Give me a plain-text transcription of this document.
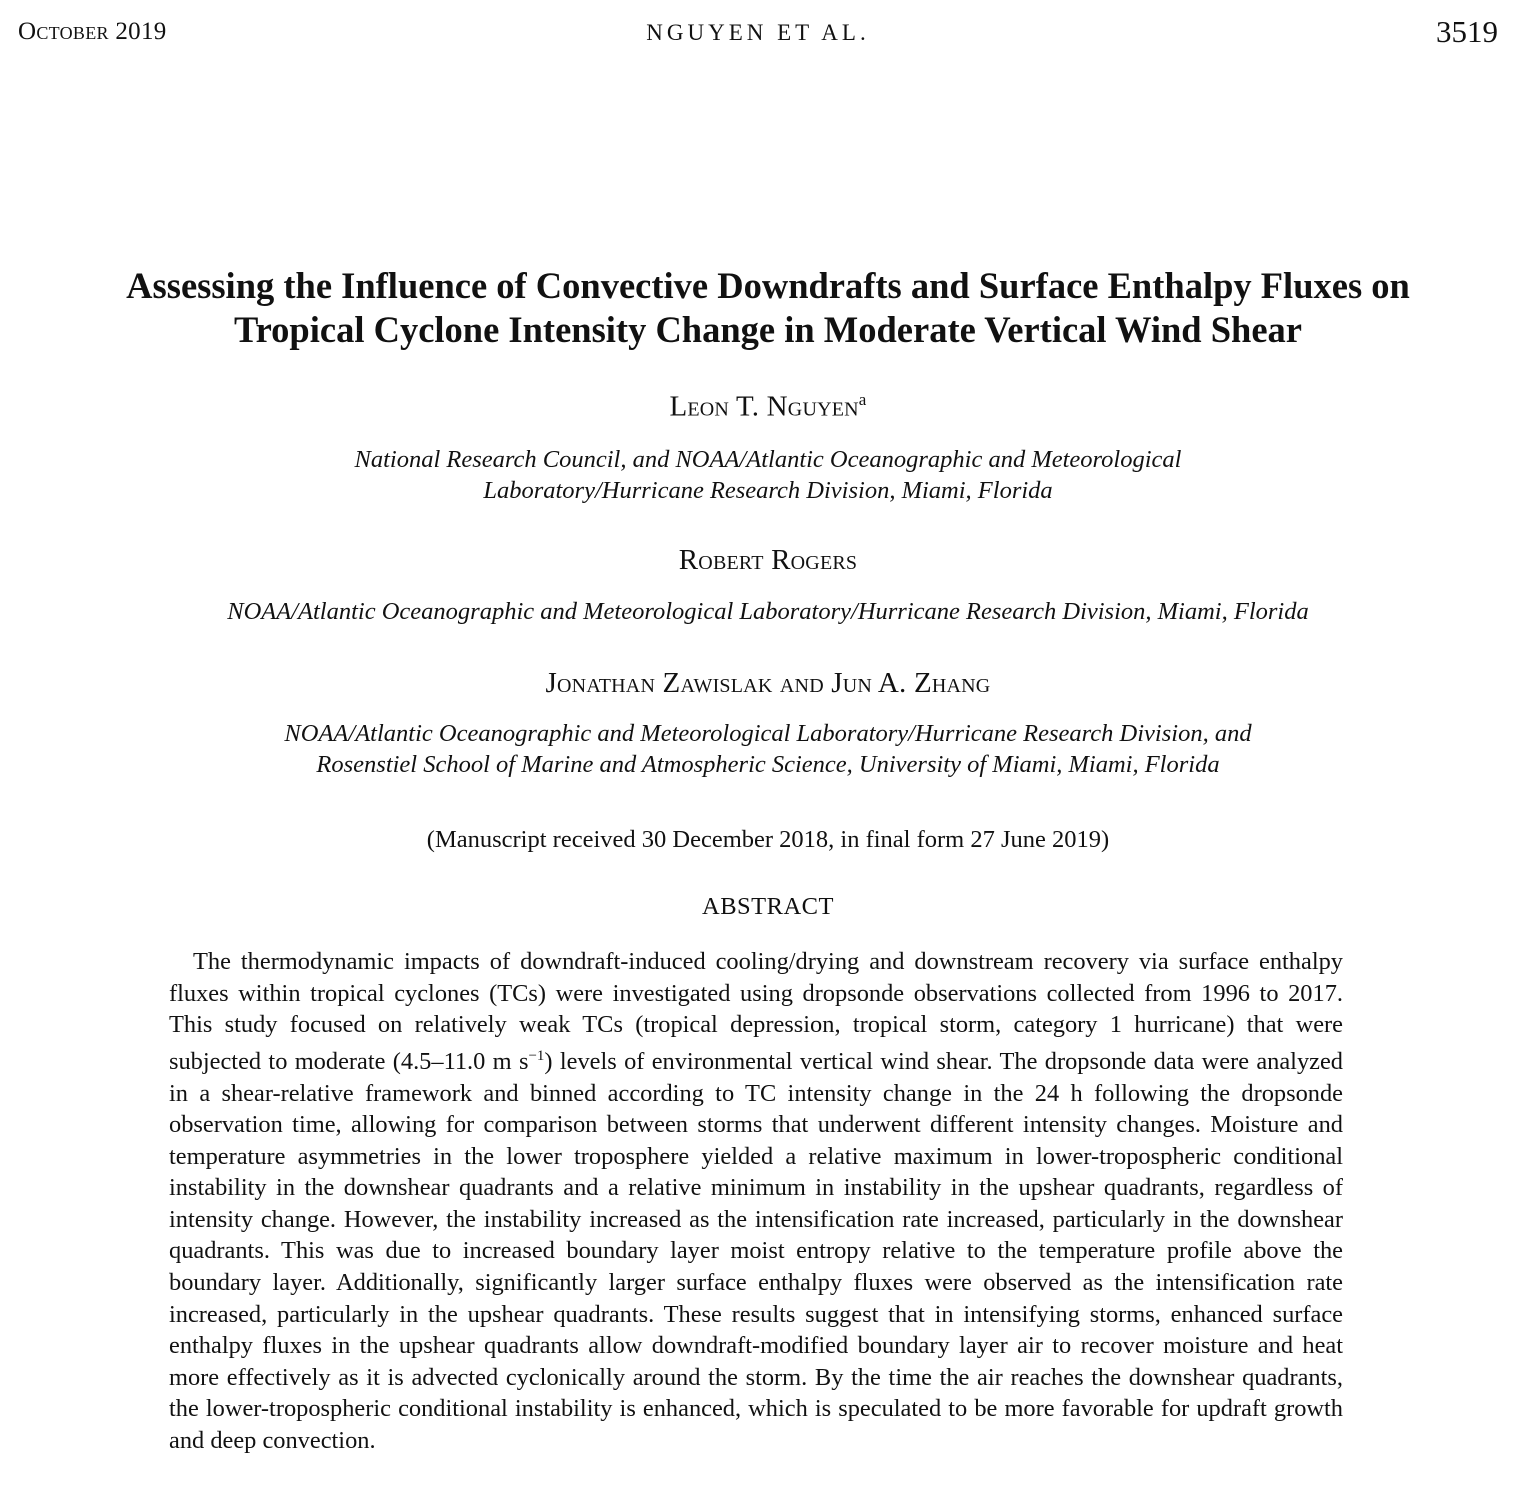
October 2019	NGUYEN ET AL.	3519
Assessing the Influence of Convective Downdrafts and Surface Enthalpy Fluxes on
Tropical Cyclone Intensity Change in Moderate Vertical Wind Shear
Leon T. Nguyen$^a$
National Research Council, and NOAA/Atlantic Oceanographic and Meteorological
Laboratory/Hurricane Research Division, Miami, Florida
Robert Rogers
NOAA/Atlantic Oceanographic and Meteorological Laboratory/Hurricane Research Division, Miami, Florida
Jonathan Zawislak and Jun A. Zhang
NOAA/Atlantic Oceanographic and Meteorological Laboratory/Hurricane Research Division, and
Rosenstiel School of Marine and Atmospheric Science, University of Miami, Miami, Florida
(Manuscript received 30 December 2018, in final form 27 June 2019)
ABSTRACT
The thermodynamic impacts of downdraft-induced cooling/drying and downstream recovery via surface enthalpy fluxes within tropical cyclones (TCs) were investigated using dropsonde observations collected from 1996 to 2017. This study focused on relatively weak TCs (tropical depression, tropical storm, category 1 hurricane) that were subjected to moderate (4.5–11.0 m $s^{-1}$) levels of environmental vertical wind shear. The dropsonde data were analyzed in a shear-relative framework and binned according to TC intensity change in the 24 h following the dropsonde observation time, allowing for comparison between storms that underwent different intensity changes. Moisture and temperature asymmetries in the lower troposphere yielded a relative maximum in lower-tropospheric conditional instability in the downshear quadrants and a relative minimum in instability in the upshear quadrants, regardless of intensity change. However, the instability increased as the intensification rate increased, particularly in the downshear quadrants. This was due to increased boundary layer moist entropy relative to the temperature profile above the boundary layer. Additionally, significantly larger surface enthalpy fluxes were observed as the intensification rate increased, particularly in the upshear quadrants. These results suggest that in intensifying storms, enhanced surface enthalpy fluxes in the upshear quadrants allow downdraft-modified boundary layer air to recover moisture and heat more effectively as it is advected cyclonically around the storm. By the time the air reaches the downshear quadrants, the lower-tropospheric conditional instability is enhanced, which is speculated to be more favorable for updraft growth and deep convection.
